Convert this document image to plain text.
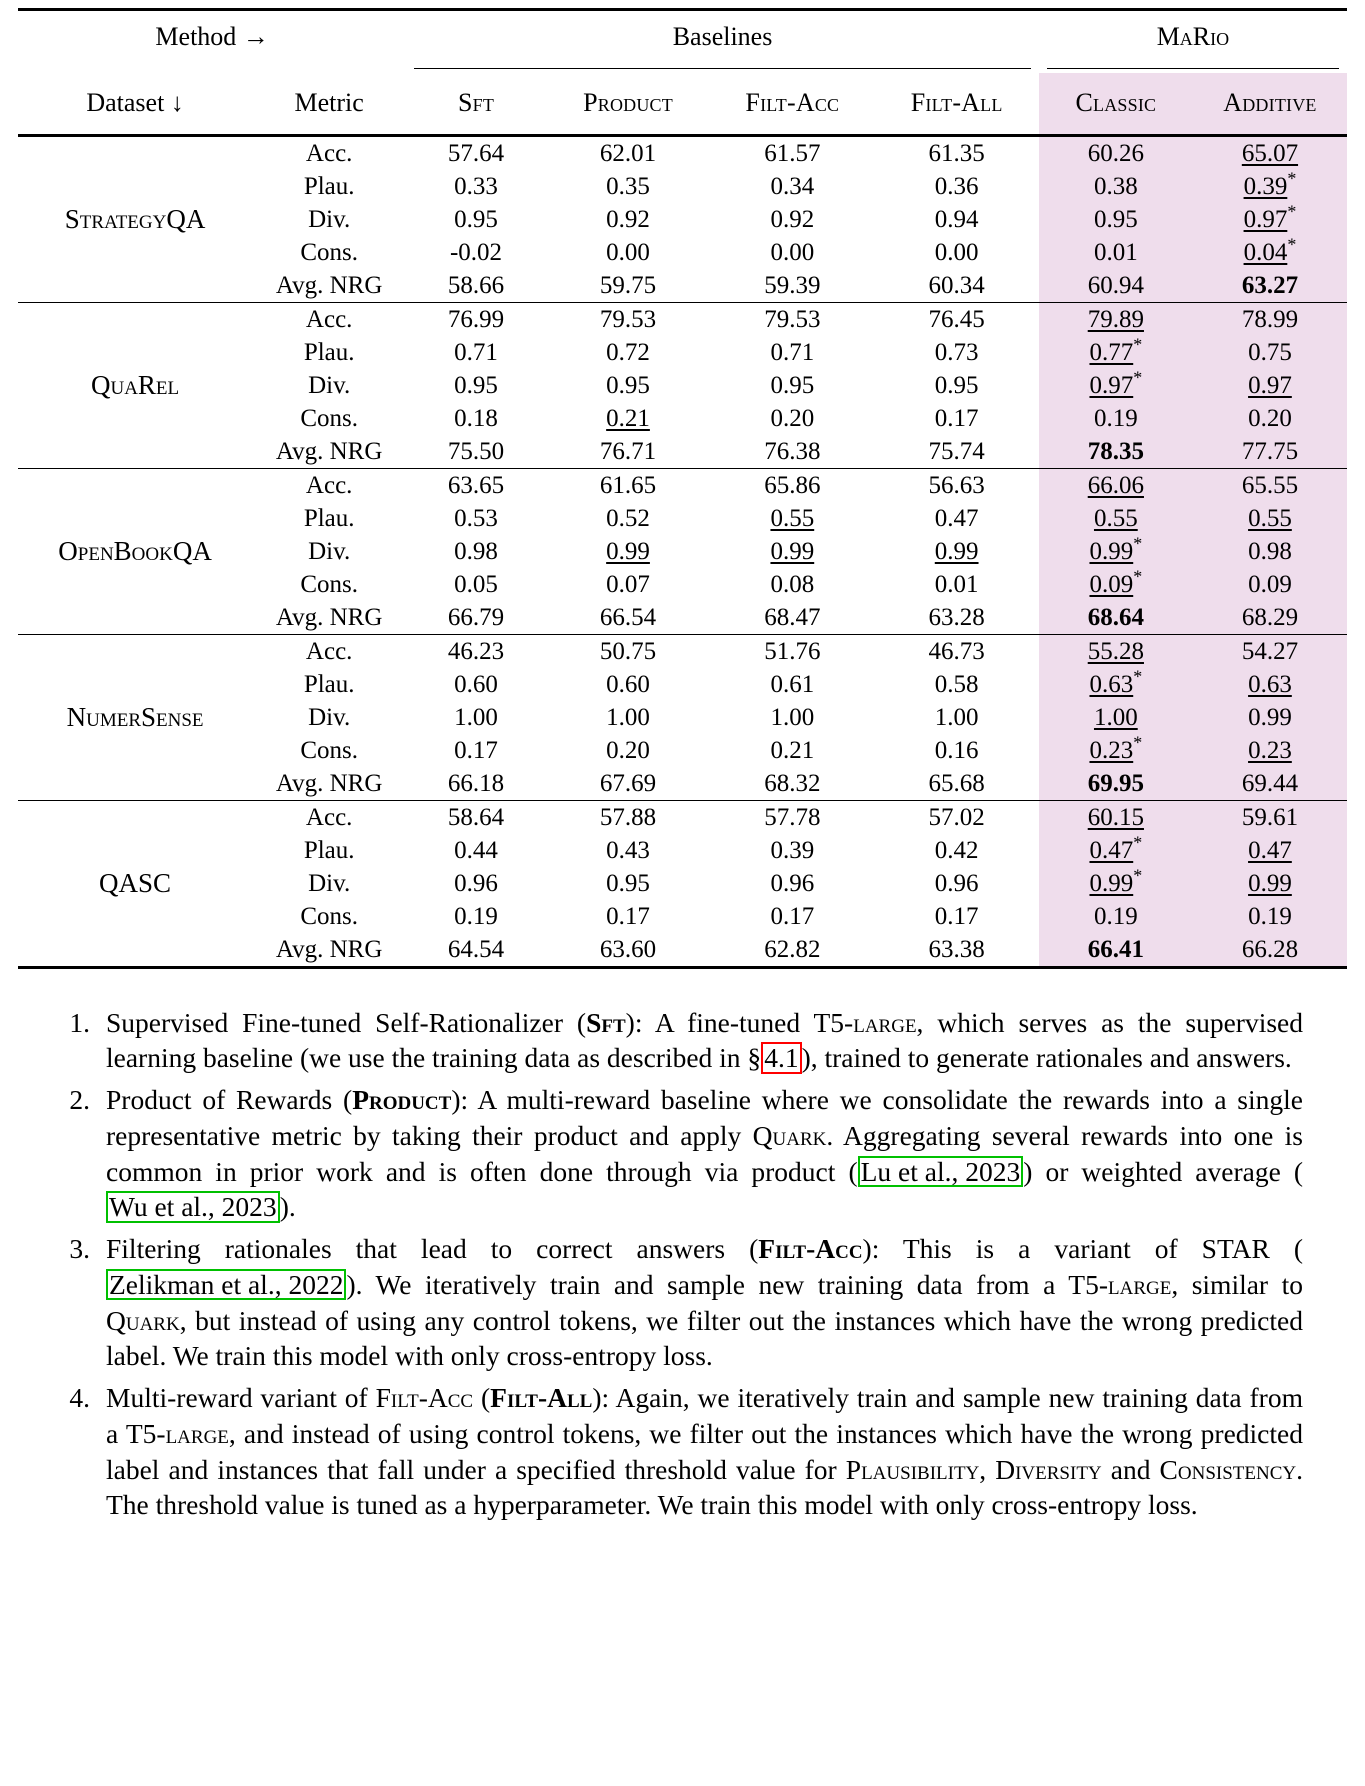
Method →		Baselines				MaRio	

Dataset ↓	Metric	Sft	Product	Filt-Acc	Filt-All	Classic	Additive
StrategyQA	Acc.	57.64	62.01	61.57	61.35	60.26	65.07
	Plau.	0.33	0.35	0.34	0.36	0.38	0.39*
	Div.	0.95	0.92	0.92	0.94	0.95	0.97*
	Cons.	-0.02	0.00	0.00	0.00	0.01	0.04*
	Avg. NRG	58.66	59.75	59.39	60.34	60.94	63.27
QuaRel	Acc.	76.99	79.53	79.53	76.45	79.89	78.99
	Plau.	0.71	0.72	0.71	0.73	0.77*	0.75
	Div.	0.95	0.95	0.95	0.95	0.97*	0.97
	Cons.	0.18	0.21	0.20	0.17	0.19	0.20
	Avg. NRG	75.50	76.71	76.38	75.74	78.35	77.75
OpenBookQA	Acc.	63.65	61.65	65.86	56.63	66.06	65.55
	Plau.	0.53	0.52	0.55	0.47	0.55	0.55
	Div.	0.98	0.99	0.99	0.99	0.99*	0.98
	Cons.	0.05	0.07	0.08	0.01	0.09*	0.09
	Avg. NRG	66.79	66.54	68.47	63.28	68.64	68.29
NumerSense	Acc.	46.23	50.75	51.76	46.73	55.28	54.27
	Plau.	0.60	0.60	0.61	0.58	0.63*	0.63
	Div.	1.00	1.00	1.00	1.00	1.00	0.99
	Cons.	0.17	0.20	0.21	0.16	0.23*	0.23
	Avg. NRG	66.18	67.69	68.32	65.68	69.95	69.44
QASC	Acc.	58.64	57.88	57.78	57.02	60.15	59.61
	Plau.	0.44	0.43	0.39	0.42	0.47*	0.47
	Div.	0.96	0.95	0.96	0.96	0.99*	0.99
	Cons.	0.19	0.17	0.17	0.17	0.19	0.19
	Avg. NRG	64.54	63.60	62.82	63.38	66.41	66.28

1. Supervised Fine-tuned Self-Rationalizer (Sft): A fine-tuned T5-large, which serves as the supervised learning baseline (we use the training data as described in § 4.1 ), trained to generate rationales and answers.
2. Product of Rewards (Product): A multi-reward baseline where we consolidate the rewards into a single representative metric by taking their product and apply Quark. Aggregating several rewards into one is common in prior work and is often done through via product ( Lu et al., 2023 ) or weighted average (Wu et al., 2023 ).
3. Filtering rationales that lead to correct answers (Filt-Acc): This is a variant of STAR (Zelikman et al., 2022 ). We iteratively train and sample new training data from a T5-large, similar to Quark, but instead of using any control tokens, we filter out the instances which have the wrong predicted label. We train this model with only cross-entropy loss.
4. Multi-reward variant of Filt-Acc (Filt-All): Again, we iteratively train and sample new training data from a T5-large, and instead of using control tokens, we filter out the instances which have the wrong predicted label and instances that fall under a specified threshold value for Plausibility, Diversity and Consistency. The threshold value is tuned as a hyperparameter. We train this model with only cross-entropy loss.
